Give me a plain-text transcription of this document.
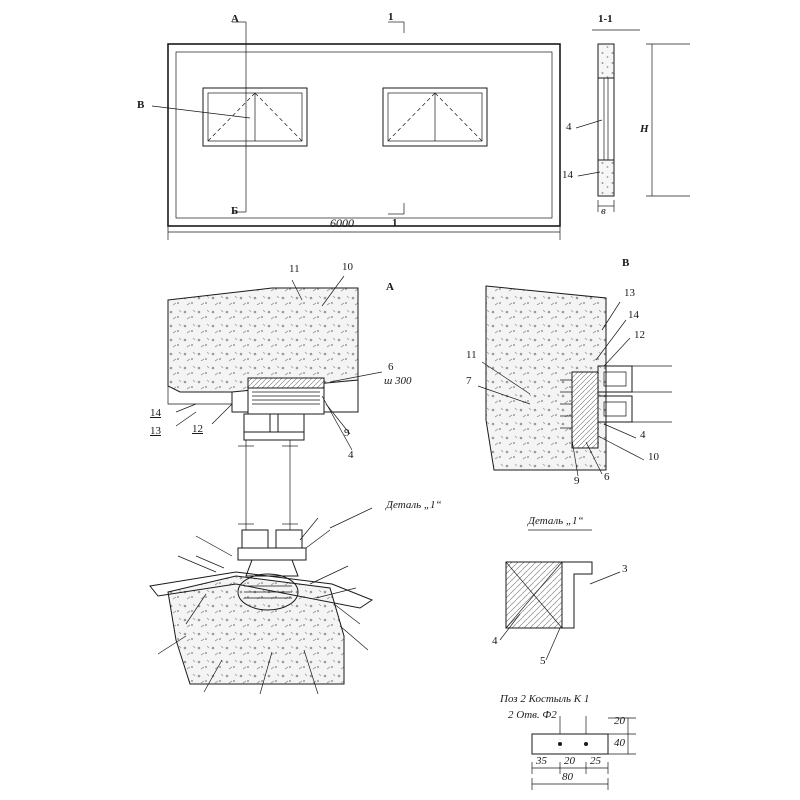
A
В
Б
1
1
6000
1-1
4
14
H
в
A
11	10
6
ш 300
9
4
12
13
14
В
13
14
12
11
7
4
10
6
9
Деталь „1“
Деталь „1“
3
4
5
Поз 2 Костыль К 1
2 Отв. Ф2	20
40
35 20 25
80
